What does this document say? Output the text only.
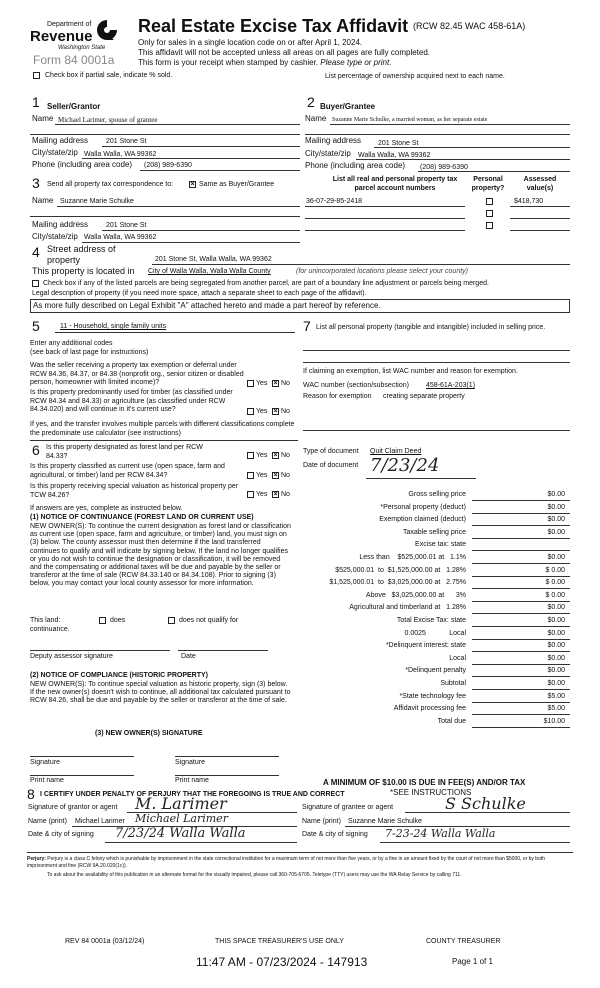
Department of
Revenue
Washington State
Form 84 0001a
Real Estate Excise Tax Affidavit (RCW 82.45 WAC 458-61A)
Only for sales in a single location code on or after April 1, 2024.
This affidavit will not be accepted unless all areas on all pages are fully completed.
This form is your receipt when stamped by cashier. Please type or print.
Check box if partial sale, indicate % sold.	List percentage of ownership acquired next to each name.
1 Seller/Grantor
Name Michael Larimer, spouse of grantee
Mailing address	201 Stone St
City/state/zip Walla Walla, WA 99362
Phone (including area code) (208) 989-6390
2 Buyer/Grantee
Name Suzanne Marie Schulke, a married woman, as her separate estate
Mailing address 201 Stone St
City/state/zip Walla Walla, WA 99362
Phone (including area code) (208) 989-6390
3 Send all property tax correspondence to: × Same as Buyer/Grantee
Name Suzanne Marie Schulke
Mailing address	201 Stone St
City/state/zip Walla Walla, WA 99362
List all real and personal property tax parcel account numbers
Personal property?
Assessed value(s)
36-07-29-85-2418	$418,730
4 Street address of property	201 Stone St, Walla Walla, WA 99362
This property is located in City of Walla Walla, Walla Walla County	(for unincorporated locations please select your county)
Check box if any of the listed parcels are being segregated from another parcel, are part of a boundary line adjustment or parcels being merged.
Legal description of property (if you need more space, attach a separate sheet to each page of the affidavit).
As more fully described on Legal Exhibit "A" attached hereto and made a part hereof by reference.
5	11 - Household, single family units
Enter any additional codes
(see back of last page for instructions)
Was the seller receiving a property tax exemption or deferral under RCW 84.36, 84.37, or 84.38 (nonprofit org., senior citizen or disabled person, homeowner with limited income)?	Yes × No
Is this property predominantly used for timber (as classified under RCW 84.34 and 84.33) or agriculture (as classified under RCW 84.34.020) and will continue in it's current use?	Yes × No
If yes, and the transfer involves multiple parcels with different classifications complete the predominate use calculator (see instructions)
6 Is this property designated as forest land per RCW 84.33?	Yes × No
Is this property classified as current use (open space, farm and agricultural, or timber) land per RCW 84.34?	Yes × No
Is this property receiving special valuation as historical property per TCW 84.26?	Yes × No
If answers are yes, complete as instructed below.
(1) NOTICE OF CONTINUANCE (FOREST LAND OR CURRENT USE)
NEW OWNER(S): To continue the current designation as forest land or classification as current use (open space, farm and agriculture, or timber) land, you must sign on (3) below. The county assessor must then determine if the land transferred continues to qualify and will indicate by signing below. If the land no longer qualifies or you do not wish to continue the designation or classification, it will be removed and the compensating or additional taxes will be due and payable by the seller or transferor at the time of sale (RCW 84.33.140 or 84.34.108). Prior to signing (3) below, you may contact your local county assessor for more information.
This land:	does	does not qualify for
continuance.
Deputy assessor signature	Date
(2) NOTICE OF COMPLIANCE (HISTORIC PROPERTY)
NEW OWNER(S): To continue special valuation as historic property, sign (3) below. If the new owner(s) doesn't wish to continue, all additional tax calculated pursuant to RCW 84.26, shall be due and payable by the seller or transferor at the time of sale.
(3) NEW OWNER(S) SIGNATURE
Signature	Signature
Print name	Print name
7 List all personal property (tangible and intangible) included in selling price.
If claiming an exemption, list WAC number and reason for exemption.
WAC number (section/subsection) 458-61A-203(1)
Reason for exemption creating separate property
Type of document Quit Claim Deed
Date of document 7/23/24
Gross selling price	$0.00
*Personal property (deduct)	$0.00
Exemption claimed (deduct)	$0.00
Taxable selling price	$0.00
Excise tax: state
Less than    $525,000.01 at   1.1%	$0.00
$525,000.01  to  $1,525,000.00 at   1.28%	$ 0.00
$1,525,000.01  to  $3,025,000.00 at   2.75%	$ 0.00
Above   $3,025,000.00 at      3%	$ 0.00
Agricultural and timberland at   1.28%	$0.00
Total Excise Tax: state	$0.00
0.0025            Local	$0.00
*Delinquent interest: state	$0.00
Local	$0.00
*Delinquent penalty	$0.00
Subtotal	$0.00
*State technology fee	$5.00
Affidavit processing fee	$5.00
Total due	$10.00
A MINIMUM OF $10.00 IS DUE IN FEE(S) AND/OR TAX
*SEE INSTRUCTIONS
8 I CERTIFY UNDER PENALTY OF PERJURY THAT THE FOREGOING IS TRUE AND CORRECT
Signature of grantor or agent M. Larimer	Signature of grantee or agent	S Schulke
Name (print) Michael Larimer Michael Larimer	Name (print) Suzanne Marie Schulke
Date & city of signing 7/23/24 Walla Walla	Date & city of signing 7-23-24 Walla Walla
Perjury: Perjury is a class C felony which is punishable by imprisonment in the state correctional institution for a maximum term of not more than five years, or by a fine in an amount fixed by the court of not more than $5000, or by both imprisonment and fine (RCW 9A.20.020(1c)).
To ask about the availability of this publication in an alternate format for the visually impaired, please call 360-705-6705. Teletype (TTY) users may use the WA Relay Service by calling 711.
REV 84 0001a (03/12/24)	THIS SPACE TREASURER'S USE ONLY	COUNTY TREASURER
11:47 AM - 07/23/2024 - 147913	Page 1 of 1
